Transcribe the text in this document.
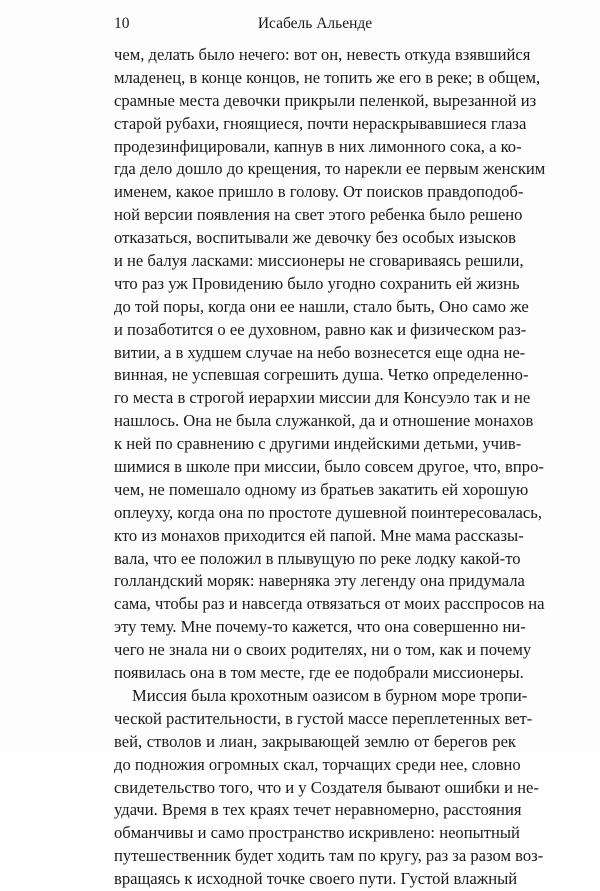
10	Исабель Альенде
чем, делать было нечего: вот он, невесть откуда взявшийся
младенец, в конце концов, не топить же его в реке; в общем,
срамные места девочки прикрыли пеленкой, вырезанной из
старой рубахи, гноящиеся, почти нераскрывавшиеся глаза
продезинфицировали, капнув в них лимонного сока, а ко-
гда дело дошло до крещения, то нарекли ее первым женским
именем, какое пришло в голову. От поисков правдоподоб-
ной версии появления на свет этого ребенка было решено
отказаться, воспитывали же девочку без особых изысков
и не балуя ласками: миссионеры не сговариваясь решили,
что раз уж Провидению было угодно сохранить ей жизнь
до той поры, когда они ее нашли, стало быть, Оно само же
и позаботится о ее духовном, равно как и физическом раз-
витии, а в худшем случае на небо вознесется еще одна не-
винная, не успевшая согрешить душа. Четко определенно-
го места в строгой иерархии миссии для Консуэло так и не
нашлось. Она не была служанкой, да и отношение монахов
к ней по сравнению с другими индейскими детьми, учив-
шимися в школе при миссии, было совсем другое, что, впро-
чем, не помешало одному из братьев закатить ей хорошую
оплеуху, когда она по простоте душевной поинтересовалась,
кто из монахов приходится ей папой. Мне мама рассказы-
вала, что ее положил в плывущую по реке лодку какой-то
голландский моряк: наверняка эту легенду она придумала
сама, чтобы раз и навсегда отвязаться от моих расспросов на
эту тему. Мне почему-то кажется, что она совершенно ни-
чего не знала ни о своих родителях, ни о том, как и почему
появилась она в том месте, где ее подобрали миссионеры.
Миссия была крохотным оазисом в бурном море тропи-
ческой растительности, в густой массе переплетенных вет-
вей, стволов и лиан, закрывающей землю от берегов рек
до подножия огромных скал, торчащих среди нее, словно
свидетельство того, что и у Создателя бывают ошибки и не-
удачи. Время в тех краях течет неравномерно, расстояния
обманчивы и само пространство искривлено: неопытный
путешественник будет ходить там по кругу, раз за разом воз-
вращаясь к исходной точке своего пути. Густой влажный
